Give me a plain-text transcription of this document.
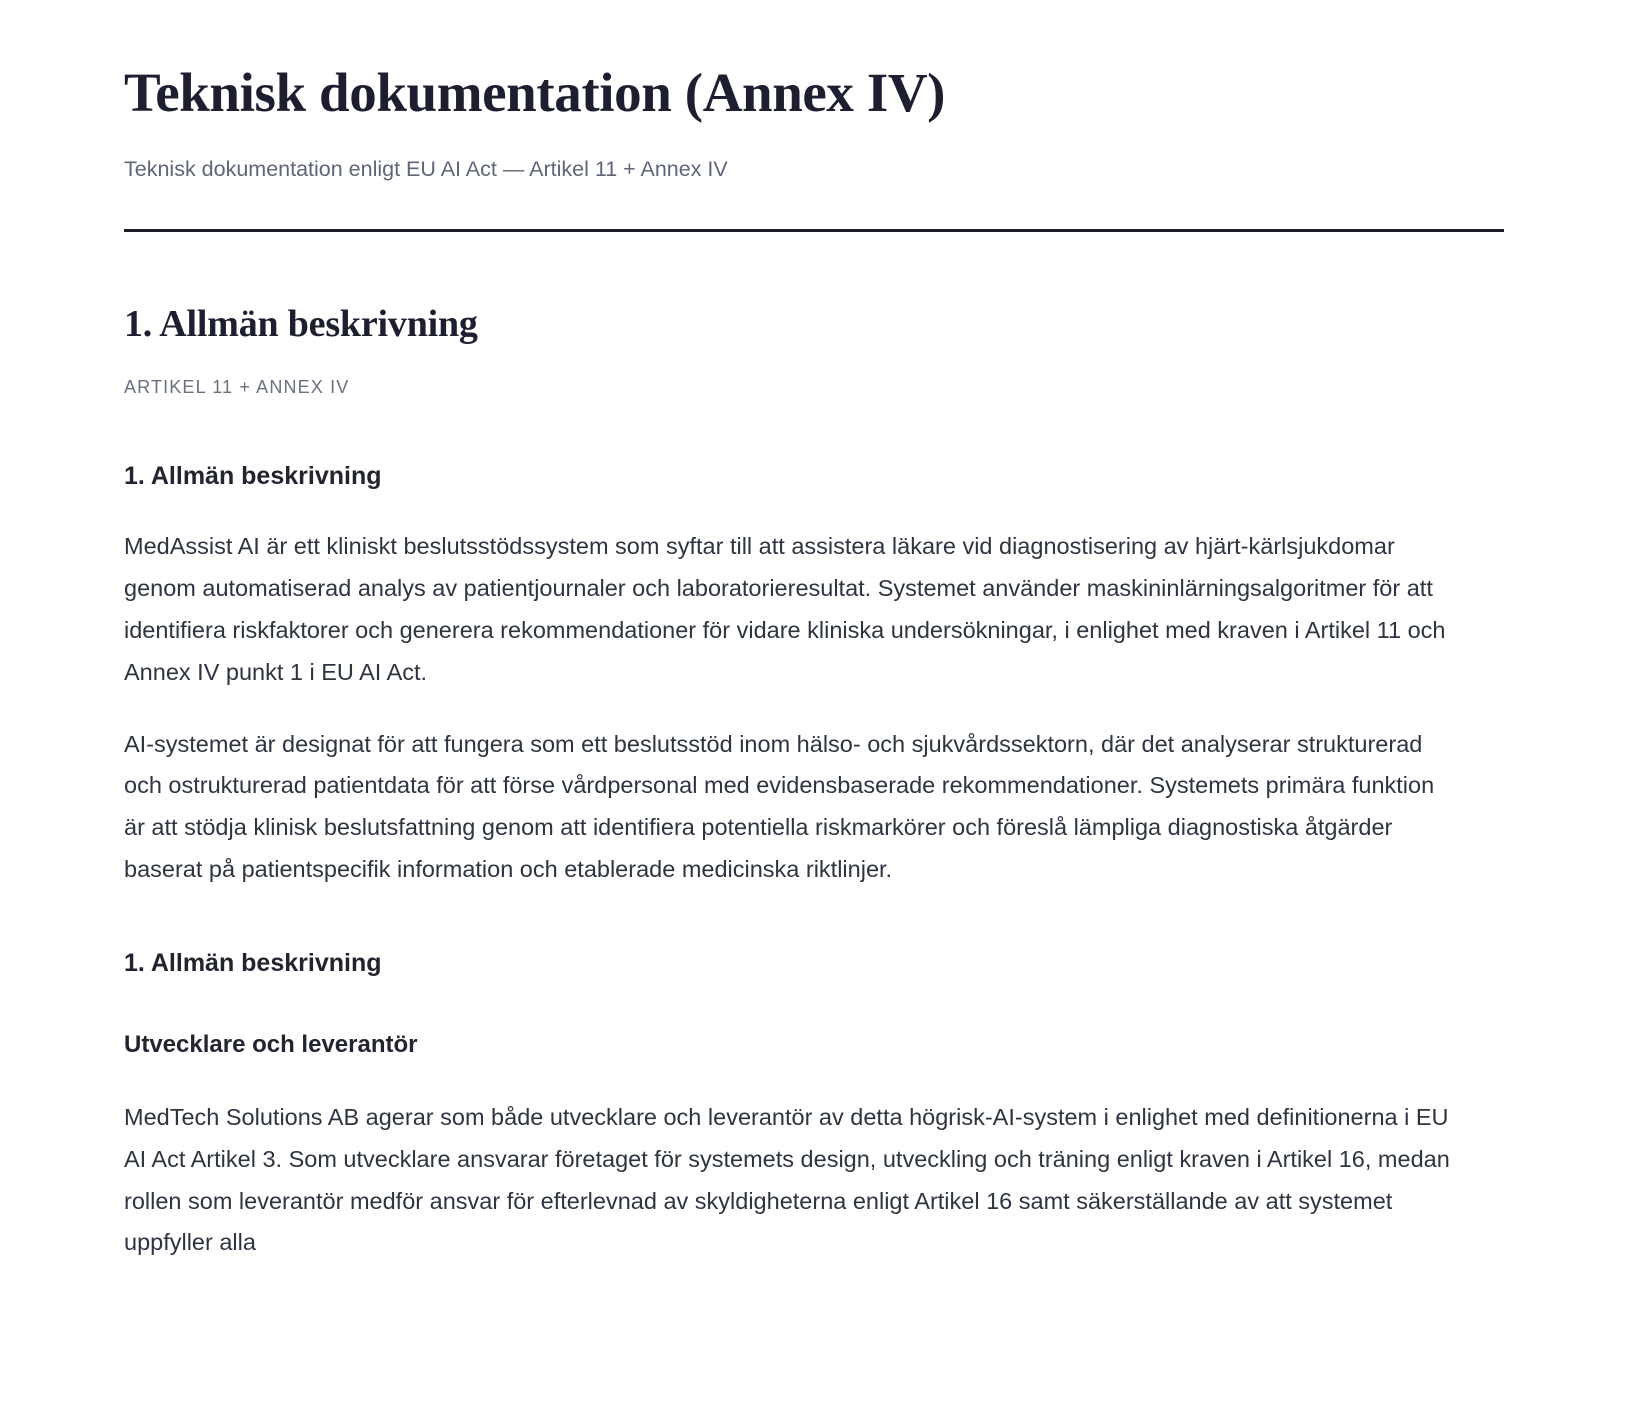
Teknisk dokumentation (Annex IV)

Teknisk dokumentation enligt EU AI Act — Artikel 11 + Annex IV

1. Allmän beskrivning

ARTIKEL 11 + ANNEX IV

1. Allmän beskrivning

MedAssist AI är ett kliniskt beslutsstödssystem som syftar till att assistera läkare vid diagnostisering av hjärt-kärlsjukdomar genom automatiserad analys av patientjournaler och laboratorieresultat. Systemet använder maskininlärningsalgoritmer för att identifiera riskfaktorer och generera rekommendationer för vidare kliniska undersökningar, i enlighet med kraven i Artikel 11 och Annex IV punkt 1 i EU AI Act.

AI-systemet är designat för att fungera som ett beslutsstöd inom hälso- och sjukvårdssektorn, där det analyserar strukturerad och ostrukturerad patientdata för att förse vårdpersonal med evidensbaserade rekommendationer. Systemets primära funktion är att stödja klinisk beslutsfattning genom att identifiera potentiella riskmarkörer och föreslå lämpliga diagnostiska åtgärder baserat på patientspecifik information och etablerade medicinska riktlinjer.

1. Allmän beskrivning
Utvecklare och leverantör

MedTech Solutions AB agerar som både utvecklare och leverantör av detta högrisk-AI-system i enlighet med definitionerna i EU AI Act Artikel 3. Som utvecklare ansvarar företaget för systemets design, utveckling och träning enligt kraven i Artikel 16, medan rollen som leverantör medför ansvar för efterlevnad av skyldigheterna enligt Artikel 16 samt säkerställande av att systemet uppfyller alla
